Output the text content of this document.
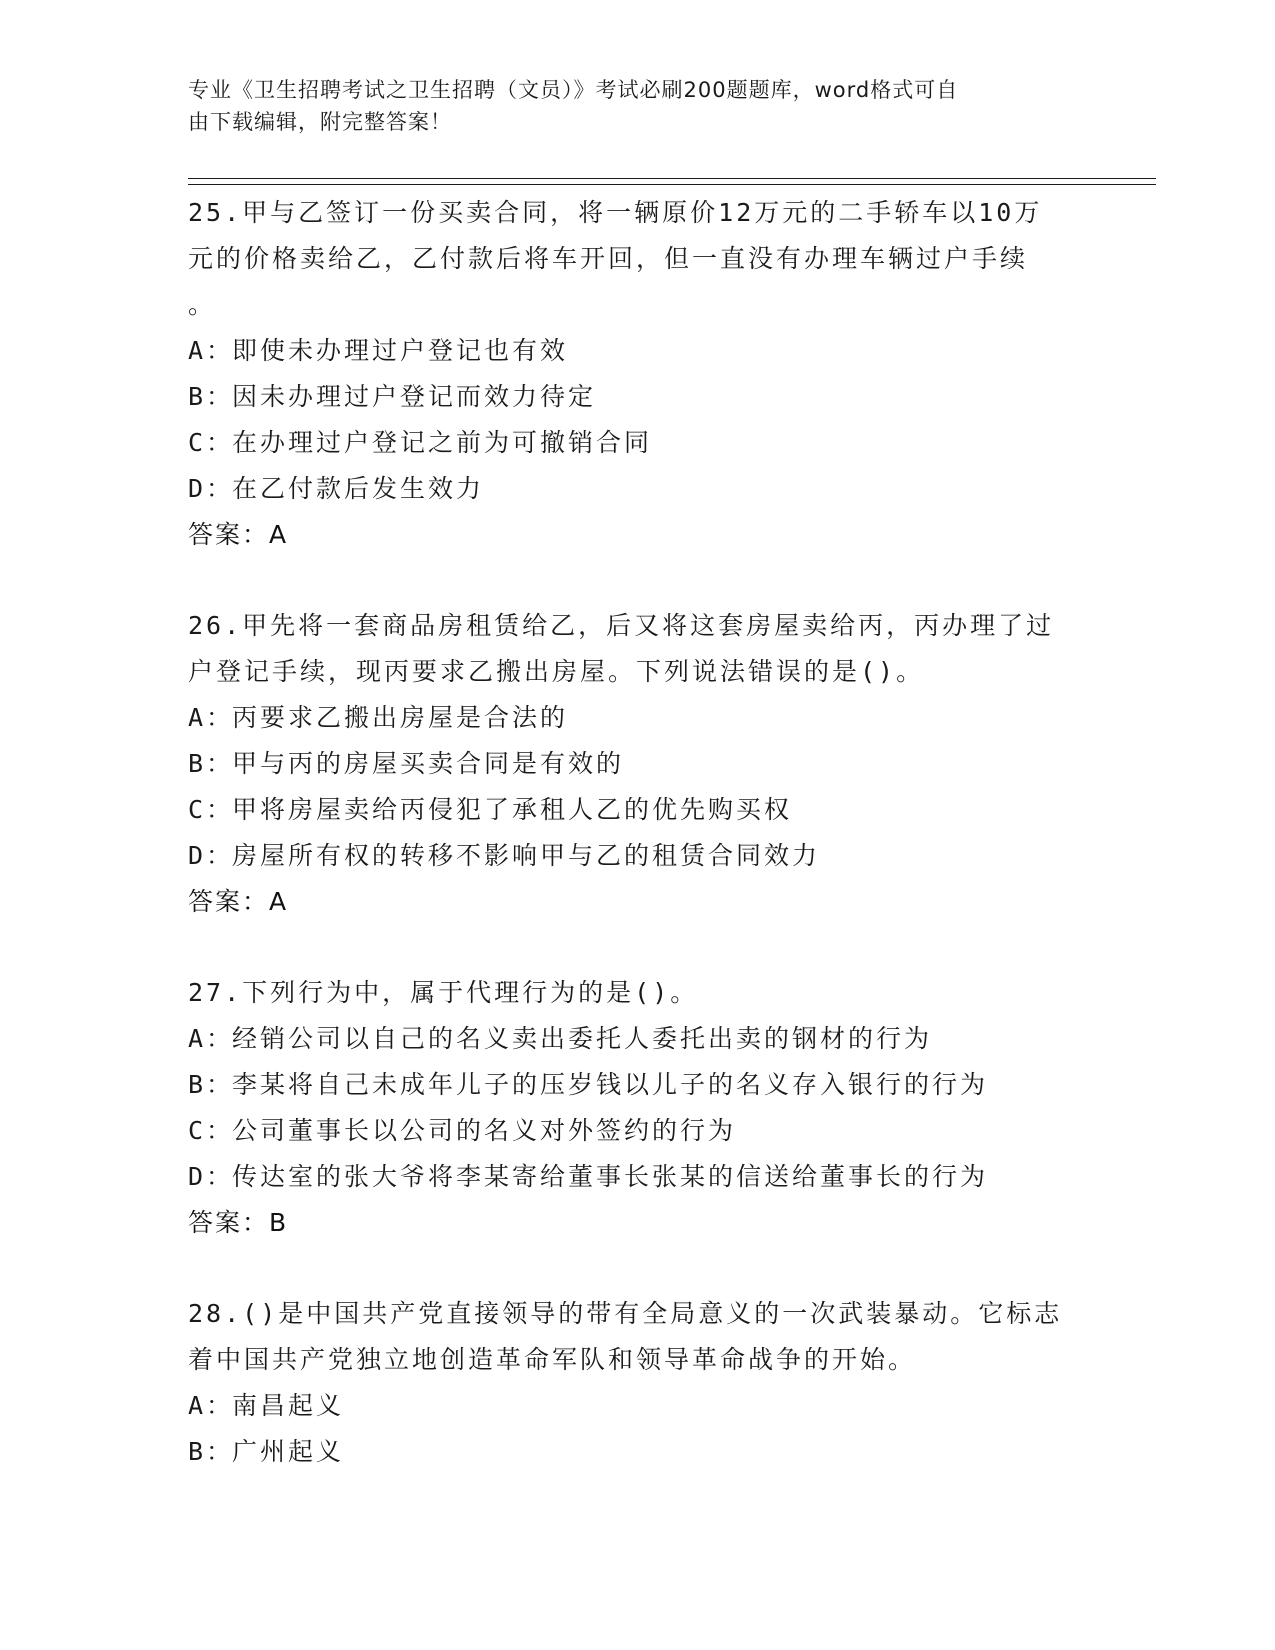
专业《卫生招聘考试之卫生招聘（文员）》考试必刷200题题库，word格式可自
由下载编辑，附完整答案！
25.甲与乙签订一份买卖合同，将一辆原价12万元的二手轿车以10万
元的价格卖给乙，乙付款后将车开回，但一直没有办理车辆过户手续
。
A：
即使未办理过户登记也有效
B：
因未办理过户登记而效力待定
C：
在办理过户登记之前为可撤销合同
D：
在乙付款后发生效力
答案：A
26.甲先将一套商品房租赁给乙，后又将这套房屋卖给丙，丙办理了过
户登记手续，现丙要求乙搬出房屋。下列说法错误的是()。
A：
丙要求乙搬出房屋是合法的
B：
甲与丙的房屋买卖合同是有效的
C：
甲将房屋卖给丙侵犯了承租人乙的优先购买权
D：
房屋所有权的转移不影响甲与乙的租赁合同效力
答案：A
27.下列行为中，属于代理行为的是()。
A：
经销公司以自己的名义卖出委托人委托出卖的钢材的行为
B：
李某将自己未成年儿子的压岁钱以儿子的名义存入银行的行为
C：
公司董事长以公司的名义对外签约的行为
D：
传达室的张大爷将李某寄给董事长张某的信送给董事长的行为
答案：B
28.()是中国共产党直接领导的带有全局意义的一次武装暴动。它标志
着中国共产党独立地创造革命军队和领导革命战争的开始。
A：
南昌起义
B：
广州起义
